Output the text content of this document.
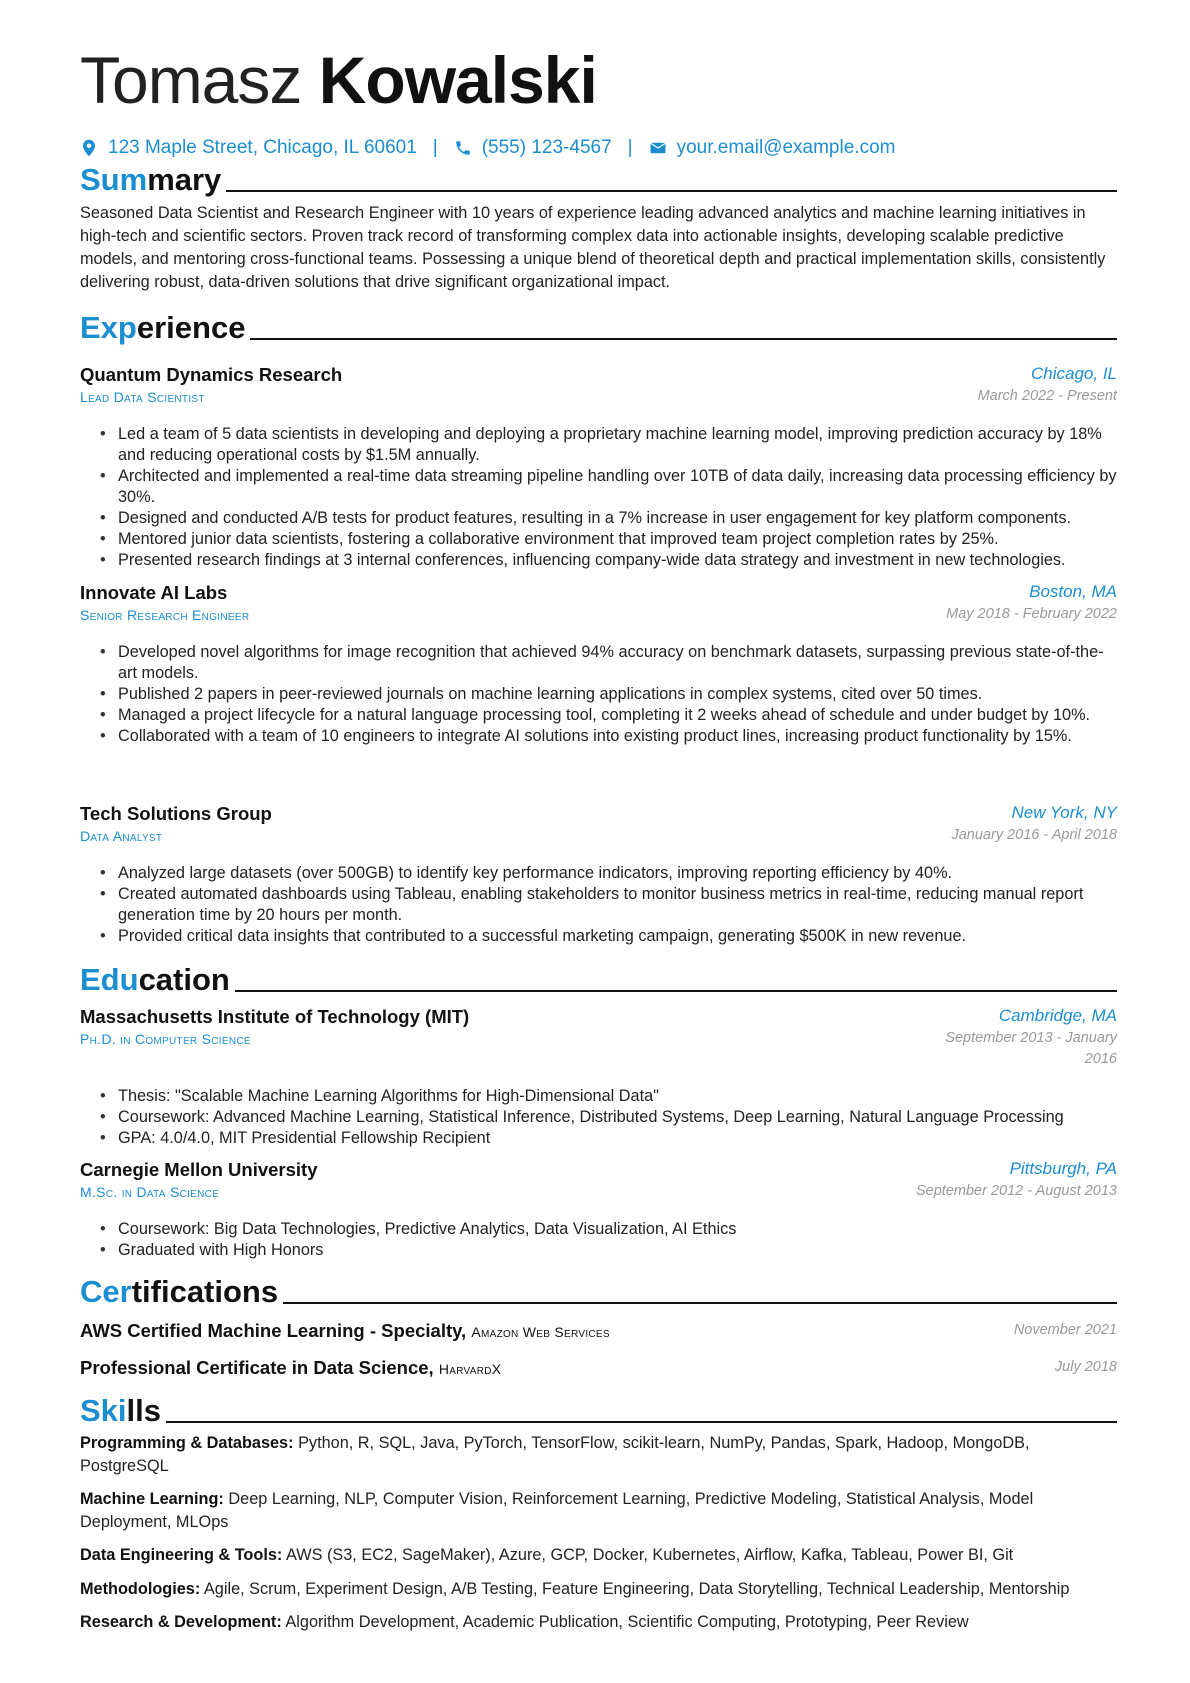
Tomasz Kowalski
123 Maple Street, Chicago, IL 60601 | (555) 123-4567 | your.email@example.com
Summary
Seasoned Data Scientist and Research Engineer with 10 years of experience leading advanced analytics and machine learning initiatives in high-tech and scientific sectors. Proven track record of transforming complex data into actionable insights, developing scalable predictive models, and mentoring cross-functional teams. Possessing a unique blend of theoretical depth and practical implementation skills, consistently delivering robust, data-driven solutions that drive significant organizational impact.
Experience
Quantum Dynamics Research	Chicago, IL
Lead Data Scientist	March 2022 - Present
• Led a team of 5 data scientists in developing and deploying a proprietary machine learning model, improving prediction accuracy by 18% and reducing operational costs by $1.5M annually.
• Architected and implemented a real-time data streaming pipeline handling over 10TB of data daily, increasing data processing efficiency by 30%.
• Designed and conducted A/B tests for product features, resulting in a 7% increase in user engagement for key platform components.
• Mentored junior data scientists, fostering a collaborative environment that improved team project completion rates by 25%.
• Presented research findings at 3 internal conferences, influencing company-wide data strategy and investment in new technologies.
Innovate AI Labs	Boston, MA
Senior Research Engineer	May 2018 - February 2022
• Developed novel algorithms for image recognition that achieved 94% accuracy on benchmark datasets, surpassing previous state-of-the-art models.
• Published 2 papers in peer-reviewed journals on machine learning applications in complex systems, cited over 50 times.
• Managed a project lifecycle for a natural language processing tool, completing it 2 weeks ahead of schedule and under budget by 10%.
• Collaborated with a team of 10 engineers to integrate AI solutions into existing product lines, increasing product functionality by 15%.
Tech Solutions Group	New York, NY
Data Analyst	January 2016 - April 2018
• Analyzed large datasets (over 500GB) to identify key performance indicators, improving reporting efficiency by 40%.
• Created automated dashboards using Tableau, enabling stakeholders to monitor business metrics in real-time, reducing manual report generation time by 20 hours per month.
• Provided critical data insights that contributed to a successful marketing campaign, generating $500K in new revenue.
Education
Massachusetts Institute of Technology (MIT)	Cambridge, MA
Ph.D. in Computer Science	September 2013 - January
2016
• Thesis: "Scalable Machine Learning Algorithms for High-Dimensional Data"
• Coursework: Advanced Machine Learning, Statistical Inference, Distributed Systems, Deep Learning, Natural Language Processing
• GPA: 4.0/4.0, MIT Presidential Fellowship Recipient
Carnegie Mellon University	Pittsburgh, PA
M.Sc. in Data Science	September 2012 - August 2013
• Coursework: Big Data Technologies, Predictive Analytics, Data Visualization, AI Ethics
• Graduated with High Honors
Certifications
AWS Certified Machine Learning - Specialty, Amazon Web Services	November 2021
Professional Certificate in Data Science, HarvardX	July 2018
Skills
Programming & Databases: Python, R, SQL, Java, PyTorch, TensorFlow, scikit-learn, NumPy, Pandas, Spark, Hadoop, MongoDB, PostgreSQL
Machine Learning: Deep Learning, NLP, Computer Vision, Reinforcement Learning, Predictive Modeling, Statistical Analysis, Model Deployment, MLOps
Data Engineering & Tools: AWS (S3, EC2, SageMaker), Azure, GCP, Docker, Kubernetes, Airflow, Kafka, Tableau, Power BI, Git
Methodologies: Agile, Scrum, Experiment Design, A/B Testing, Feature Engineering, Data Storytelling, Technical Leadership, Mentorship
Research & Development: Algorithm Development, Academic Publication, Scientific Computing, Prototyping, Peer Review
